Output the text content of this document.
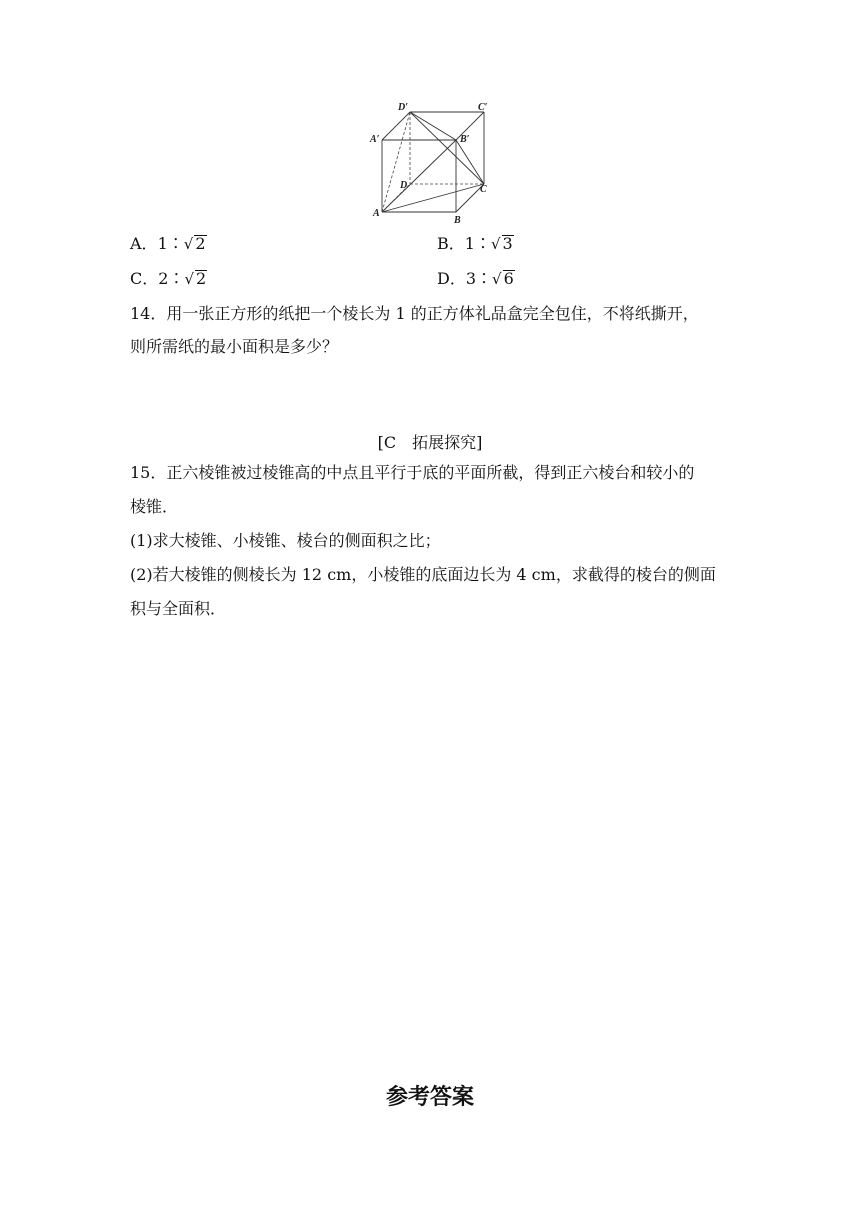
D′	C′
A′	B′
D	C
A
B
A．1∶√ 2	B．1∶√ 3
C．2∶√ 2	D．3∶√ 6
14．用一张正方形的纸把一个棱长为 1 的正方体礼品盒完全包住，不将纸撕开，
则所需纸的最小面积是多少？
[C　拓展探究]
15．正六棱锥被过棱锥高的中点且平行于底的平面所截，得到正六棱台和较小的
棱锥．
(1)求大棱锥、小棱锥、棱台的侧面积之比；
(2)若大棱锥的侧棱长为 12 cm，小棱锥的底面边长为 4 cm，求截得的棱台的侧面
积与全面积．
参考答案
